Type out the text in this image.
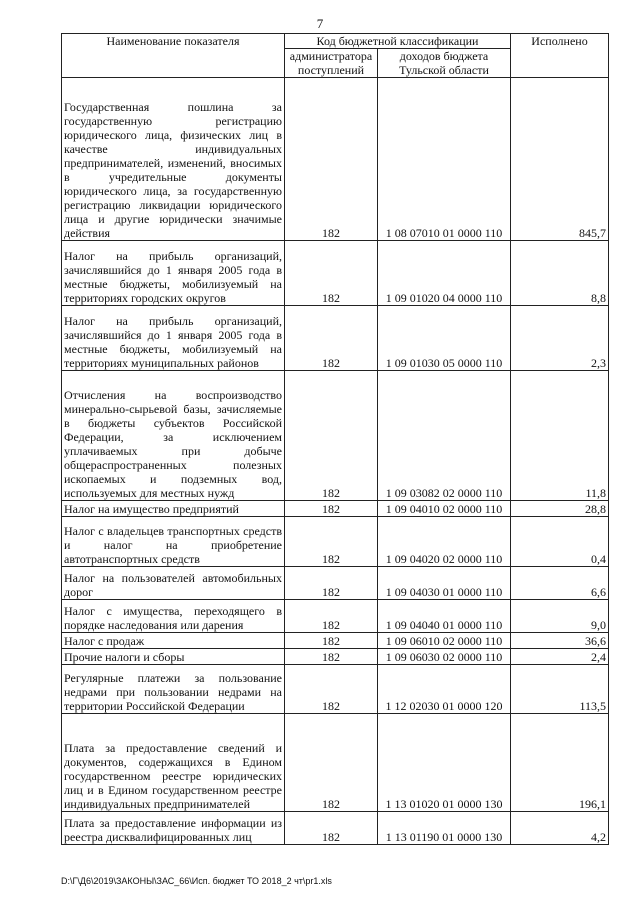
7
Наименование показателя	Код бюджетной классификации		Исполнено
	администратора поступлений	доходов бюджета Тульской области	
Государственная пошлина за государственную регистрацию юридического лица, физических лиц в качестве индивидуальных предпринимателей, изменений, вносимых в учредительные документы юридического лица, за государственную регистрацию ликвидации юридического лица и другие юридически значимые действия	182	1 08 07010 01 0000 110	845,7
Налог на прибыль организаций, зачислявшийся до 1 января 2005 года в местные бюджеты, мобилизуемый на территориях городских округов	182	1 09 01020 04 0000 110	8,8
Налог на прибыль организаций, зачислявшийся до 1 января 2005 года в местные бюджеты, мобилизуемый на территориях муниципальных районов	182	1 09 01030 05 0000 110	2,3
Отчисления на воспроизводство минерально-сырьевой базы, зачисляемые в бюджеты субъектов Российской Федерации, за исключением уплачиваемых при добыче общераспространенных полезных ископаемых и подземных вод, используемых для местных нужд	182	1 09 03082 02 0000 110	11,8
Налог на имущество предприятий	182	1 09 04010 02 0000 110	28,8
Налог с владельцев транспортных средств и налог на приобретение автотранспортных средств	182	1 09 04020 02 0000 110	0,4
Налог на пользователей автомобильных дорог	182	1 09 04030 01 0000 110	6,6
Налог с имущества, переходящего в порядке наследования или дарения	182	1 09 04040 01 0000 110	9,0
Налог с продаж	182	1 09 06010 02 0000 110	36,6
Прочие налоги и сборы	182	1 09 06030 02 0000 110	2,4
Регулярные платежи за пользование недрами при пользовании недрами на территории Российской Федерации	182	1 12 02030 01 0000 120	113,5
Плата за предоставление сведений и документов, содержащихся в Едином государственном реестре юридических лиц и в Едином государственном реестре индивидуальных предпринимателей	182	1 13 01020 01 0000 130	196,1
Плата за предоставление информации из реестра дисквалифицированных лиц	182	1 13 01190 01 0000 130	4,2
D:\Г\Д6\2019\ЗАКОНЫ\ЗАС_66\Исп. бюджет ТО 2018_2 чт\pr1.xls
